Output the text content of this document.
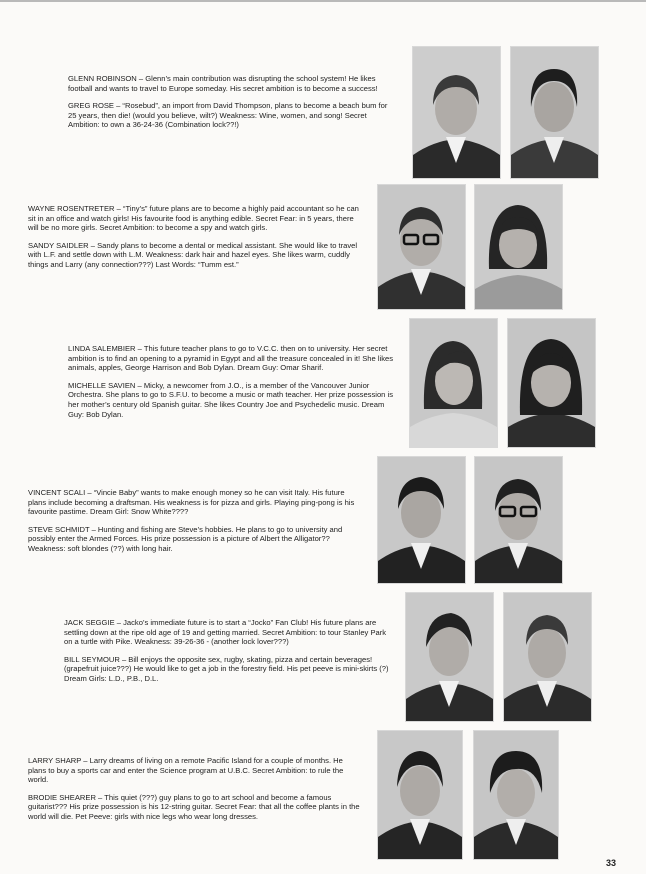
GLENN ROBINSON – Glenn’s main contribution was disrupting the school system! He likes football and wants to travel to Europe someday. His secret ambition is to become a success!

GREG ROSE – “Rosebud”, an import from David Thompson, plans to become a beach bum for 25 years, then die! (would you believe, wilt?) Weakness: Wine, women, and song! Secret Ambition: to own a 36-24-36 (Combination lock??!)

WAYNE ROSENTRETER – “Tiny’s” future plans are to become a highly paid accountant so he can sit in an office and watch girls! His favourite food is anything edible. Secret Fear: in 5 years, there will be no more girls. Secret Ambition: to become a spy and watch girls.

SANDY SAIDLER – Sandy plans to become a dental or medical assistant. She would like to travel with L.F. and settle down with L.M. Weakness: dark hair and hazel eyes. She likes warm, cuddly things and Larry (any connection???) Last Words: “Tumm est.”

LINDA SALEMBIER – This future teacher plans to go to V.C.C. then on to university. Her secret ambition is to find an opening to a pyramid in Egypt and all the treasure concealed in it! She likes animals, apples, George Harrison and Bob Dylan. Dream Guy: Omar Sharif.

MICHELLE SAVIEN – Micky, a newcomer from J.O., is a member of the Vancouver Junior Orchestra. She plans to go to S.F.U. to become a music or math teacher. Her prize possession is her mother’s century old Spanish guitar. She likes Country Joe and Psychedelic music. Dream Guy: Bob Dylan.

VINCENT SCALI – “Vincie Baby” wants to make enough money so he can visit Italy. His future plans include becoming a draftsman. His weakness is for pizza and girls. Playing ping-pong is his favourite pastime. Dream Girl: Snow White????

STEVE SCHMIDT – Hunting and fishing are Steve’s hobbies. He plans to go to university and possibly enter the Armed Forces. His prize possession is a picture of Albert the Alligator?? Weakness: soft blondes (??) with long hair.

JACK SEGGIE – Jacko’s immediate future is to start a “Jocko” Fan Club! His future plans are settling down at the ripe old age of 19 and getting married. Secret Ambition: to tour Stanley Park on a turtle with Pike. Weakness: 39-26-36 - (another lock lover???)

BILL SEYMOUR – Bill enjoys the opposite sex, rugby, skating, pizza and certain beverages! (grapefruit juice???) He would like to get a job in the forestry field. His pet peeve is mini-skirts (?) Dream Girls: L.D., P.B., D.L.

LARRY SHARP – Larry dreams of living on a remote Pacific Island for a couple of months. He plans to buy a sports car and enter the Science program at U.B.C. Secret Ambition: to rule the world.

BRODIE SHEARER – This quiet (???) guy plans to go to art school and become a famous guitarist??? His prize possession is his 12-string guitar. Secret Fear: that all the coffee plants in the world will die. Pet Peeve: girls with nice legs who wear long dresses.

33
